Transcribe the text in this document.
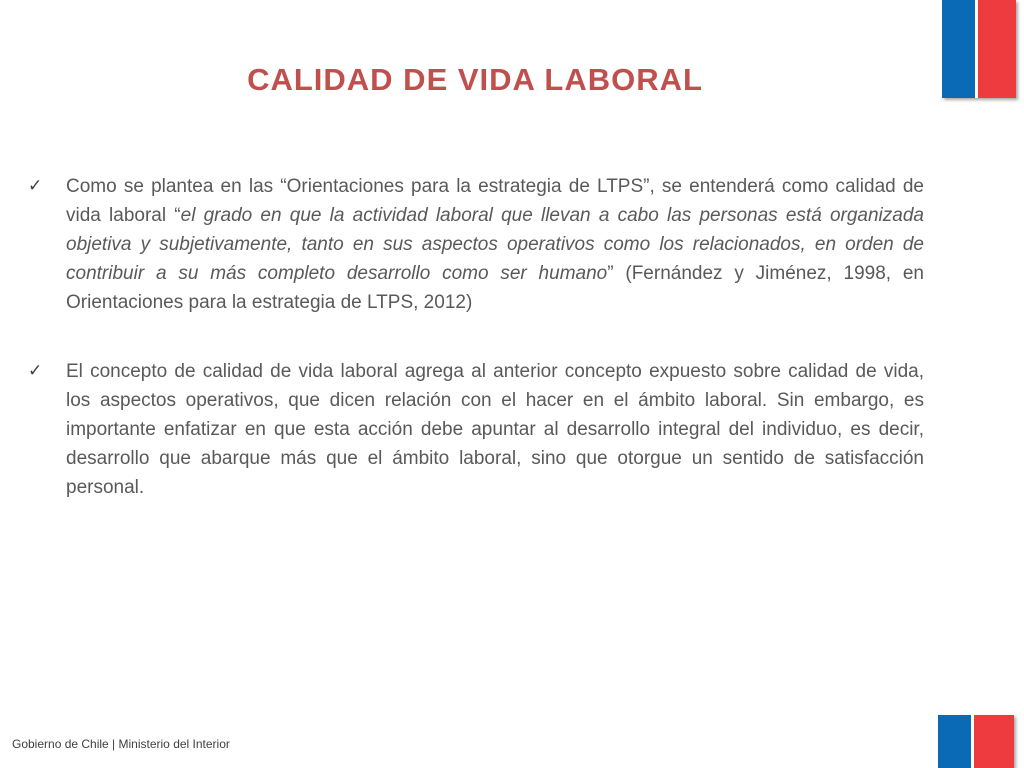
CALIDAD DE VIDA LABORAL
✓	Como se plantea en las “Orientaciones para la estrategia de LTPS”, se entenderá como calidad de vida laboral “el grado en que la actividad laboral que llevan a cabo las personas está organizada objetiva y subjetivamente, tanto en sus aspectos operativos como los relacionados, en orden de contribuir a su más completo desarrollo como ser humano” (Fernández y Jiménez, 1998, en Orientaciones para la estrategia de LTPS, 2012)
✓	El concepto de calidad de vida laboral agrega al anterior concepto expuesto sobre calidad de vida, los aspectos operativos, que dicen relación con el hacer en el ámbito laboral. Sin embargo, es importante enfatizar en que esta acción debe apuntar al desarrollo integral del individuo, es decir, desarrollo que abarque más que el ámbito laboral, sino que otorgue un sentido de satisfacción personal.
Gobierno de Chile | Ministerio del Interior
